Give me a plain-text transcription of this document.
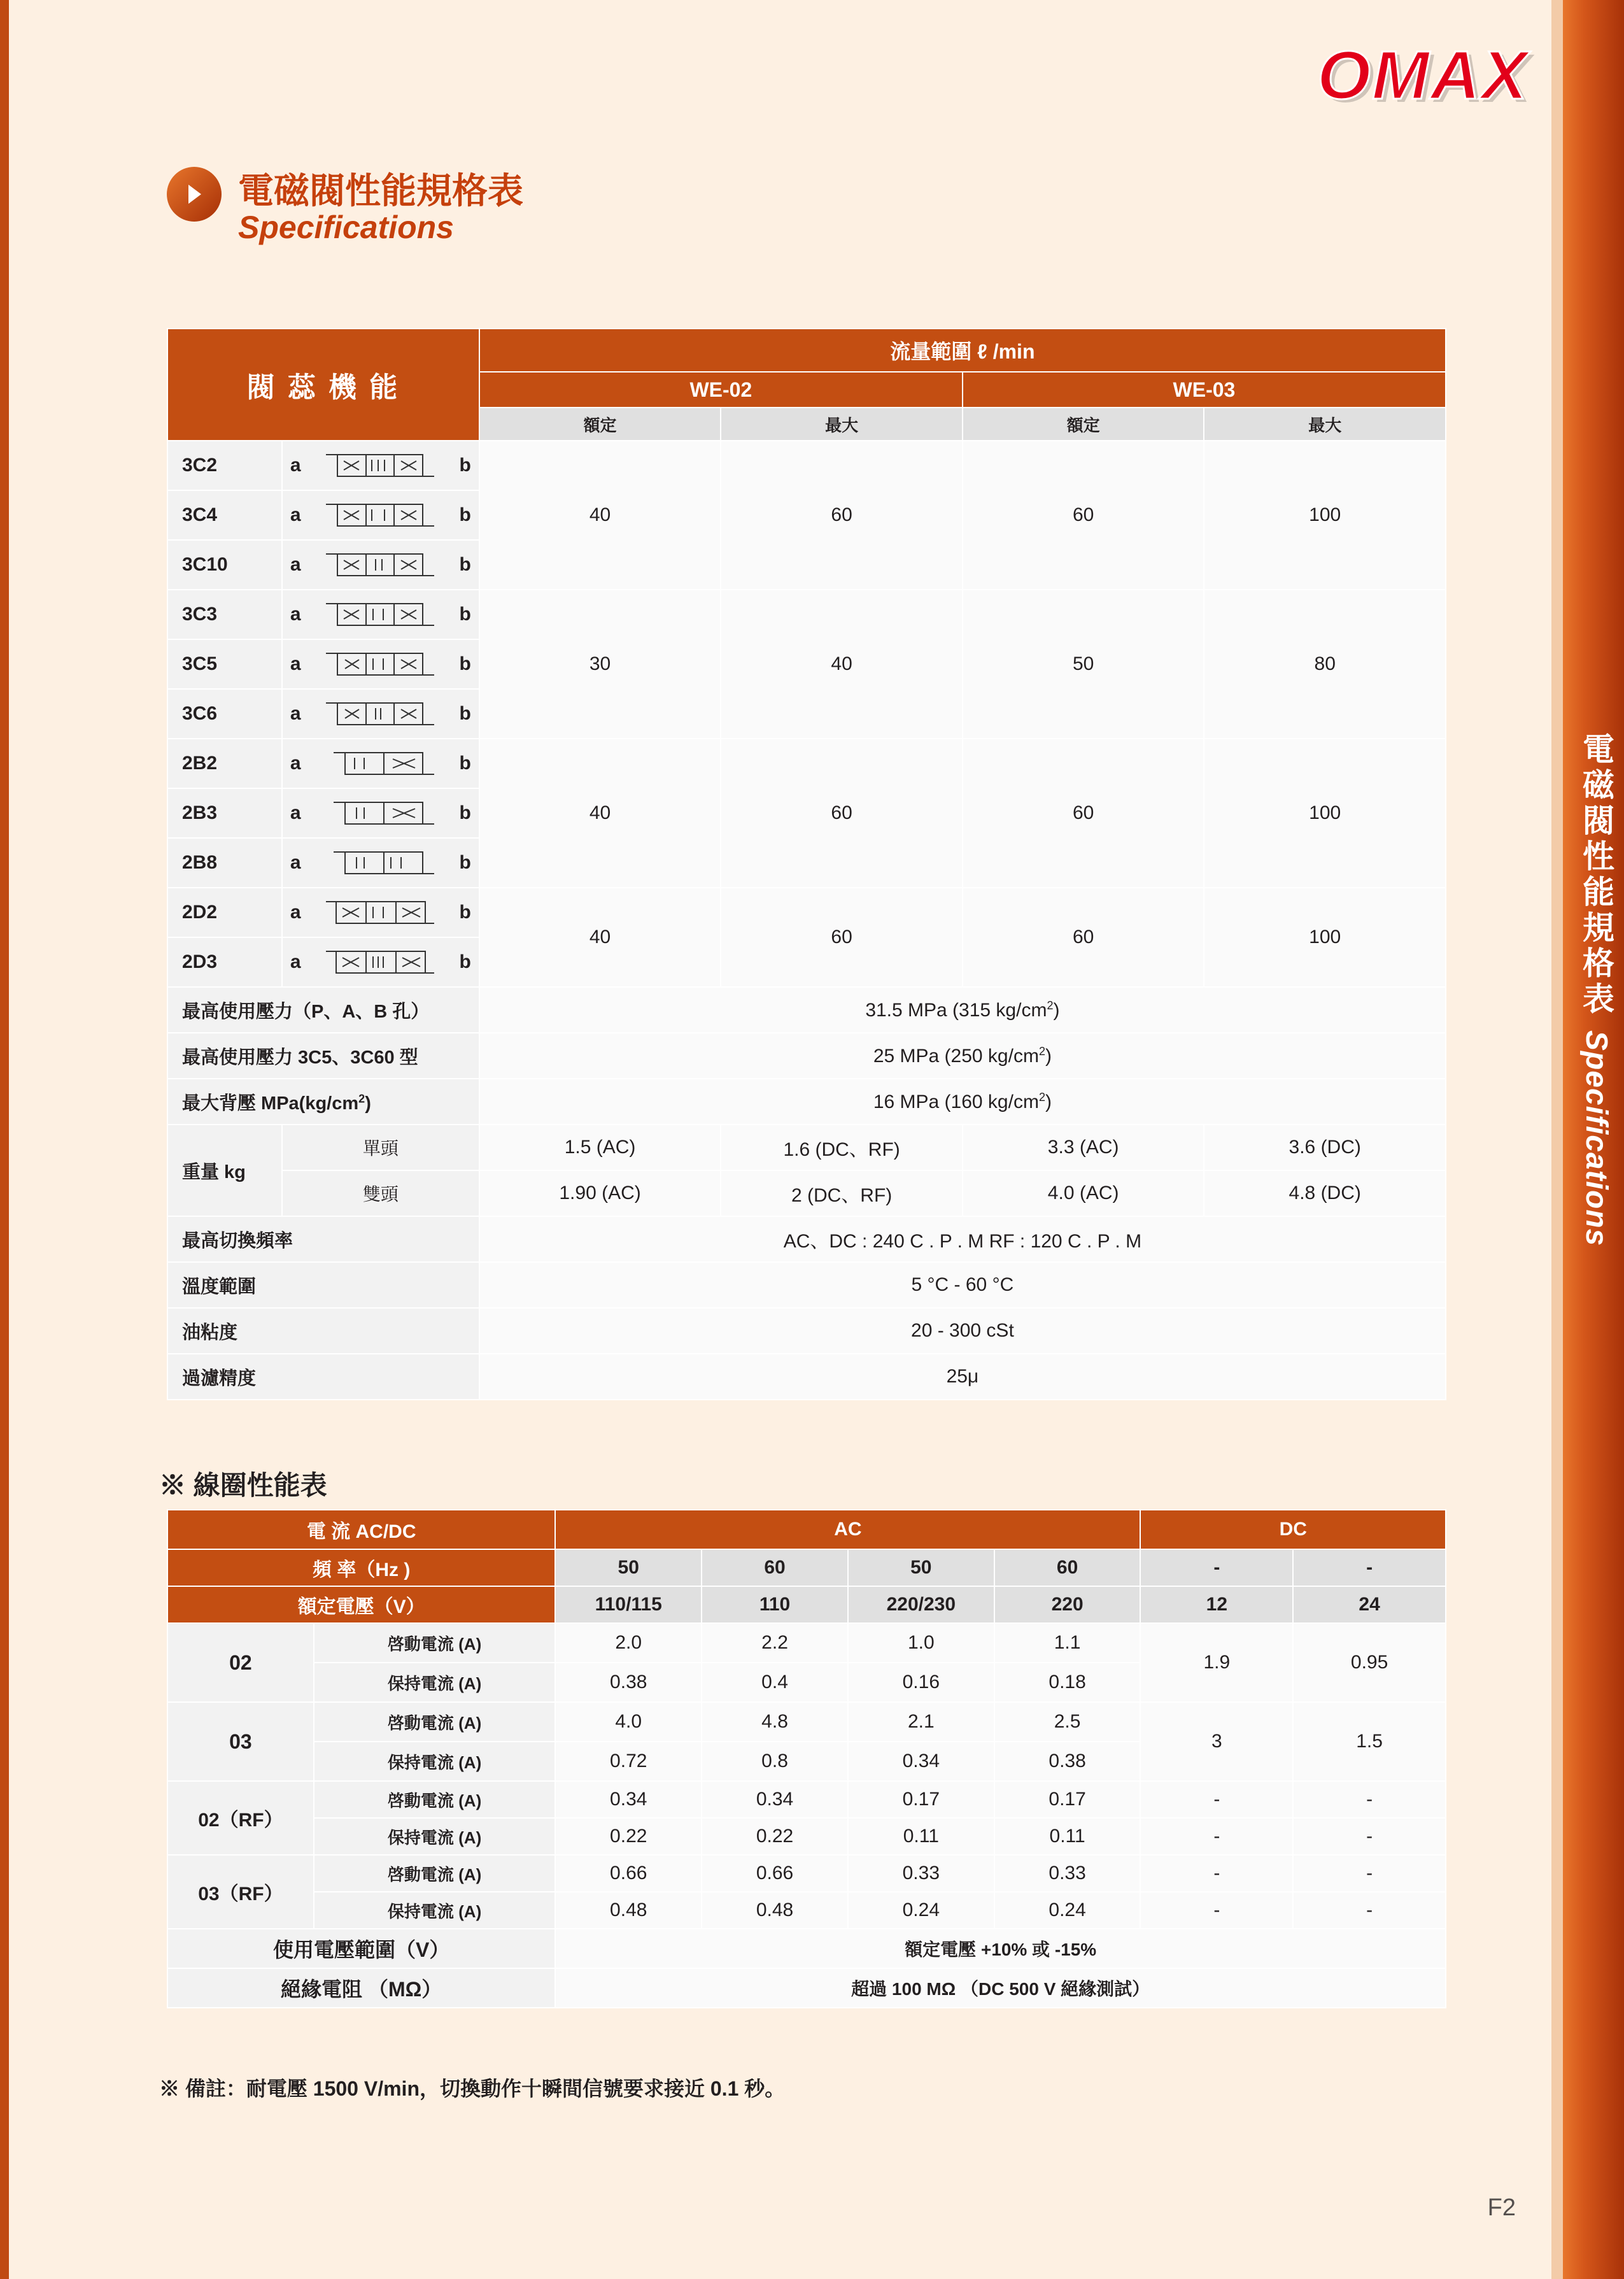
OMAX
電磁閥性能規格表
Specifications
電磁閥性能規格表 Specifications
閥 蕊 機 能		流量範圍 ℓ /min			
		WE-02		WE-03	
		額定	最大	額定	最大
3C2	a b	40	60	60	100
3C4	a b				

3C10	a b				

3C3	a b	30	40	50	80
3C5	a b				

3C6	a b				

2B2	a b	40	60	60	100
2B3	a b				

2B8	a b				

2D2	a b	40	60	60	100
2D3	a b				

最高使用壓力（P、A、B 孔）		31.5 MPa (315 $kg/cm^2$)			
最高使用壓力 3C5、3C60 型		25 MPa (250 $kg/cm^2$)			
最大背壓 $MPa(kg/cm^2)$		16 MPa (160 $kg/cm^2$)			
重量 kg	單頭	1.5 (AC)	1.6 (DC、RF)	3.3 (AC)	3.6 (DC)
	雙頭	1.90 (AC)	2 (DC、RF)	4.0 (AC)	4.8 (DC)
最高切換頻率		AC、DC : 240 C . P . M RF : 120 C . P . M			
溫度範圍		5 °C - 60 °C			
油粘度		20 - 300 cSt			
過濾精度		25μ			
※ 線圈性能表
電 流 AC/DC		AC				DC	
頻 率（Hz )		50	60	50	60	-	-
額定電壓（V）		110/115	110	220/230	220	12	24
02	啓動電流 (A)	2.0	2.2	1.0	1.1	1.9	0.95
	保持電流 (A)	0.38	0.4	0.16	0.18		
03	啓動電流 (A)	4.0	4.8	2.1	2.5	3	1.5
	保持電流 (A)	0.72	0.8	0.34	0.38		
02（RF）	啓動電流 (A)	0.34	0.34	0.17	0.17	-	-
	保持電流 (A)	0.22	0.22	0.11	0.11	-	-
03（RF）	啓動電流 (A)	0.66	0.66	0.33	0.33	-	-
	保持電流 (A)	0.48	0.48	0.24	0.24	-	-
使用電壓範圍（V）		額定電壓 +10% 或 -15%					
絕緣電阻 （MΩ）		超過 100 MΩ （DC 500 V 絕緣測試）					
※ 備註：耐電壓 1500 V/min，切換動作十瞬間信號要求接近 0.1 秒。
F2
